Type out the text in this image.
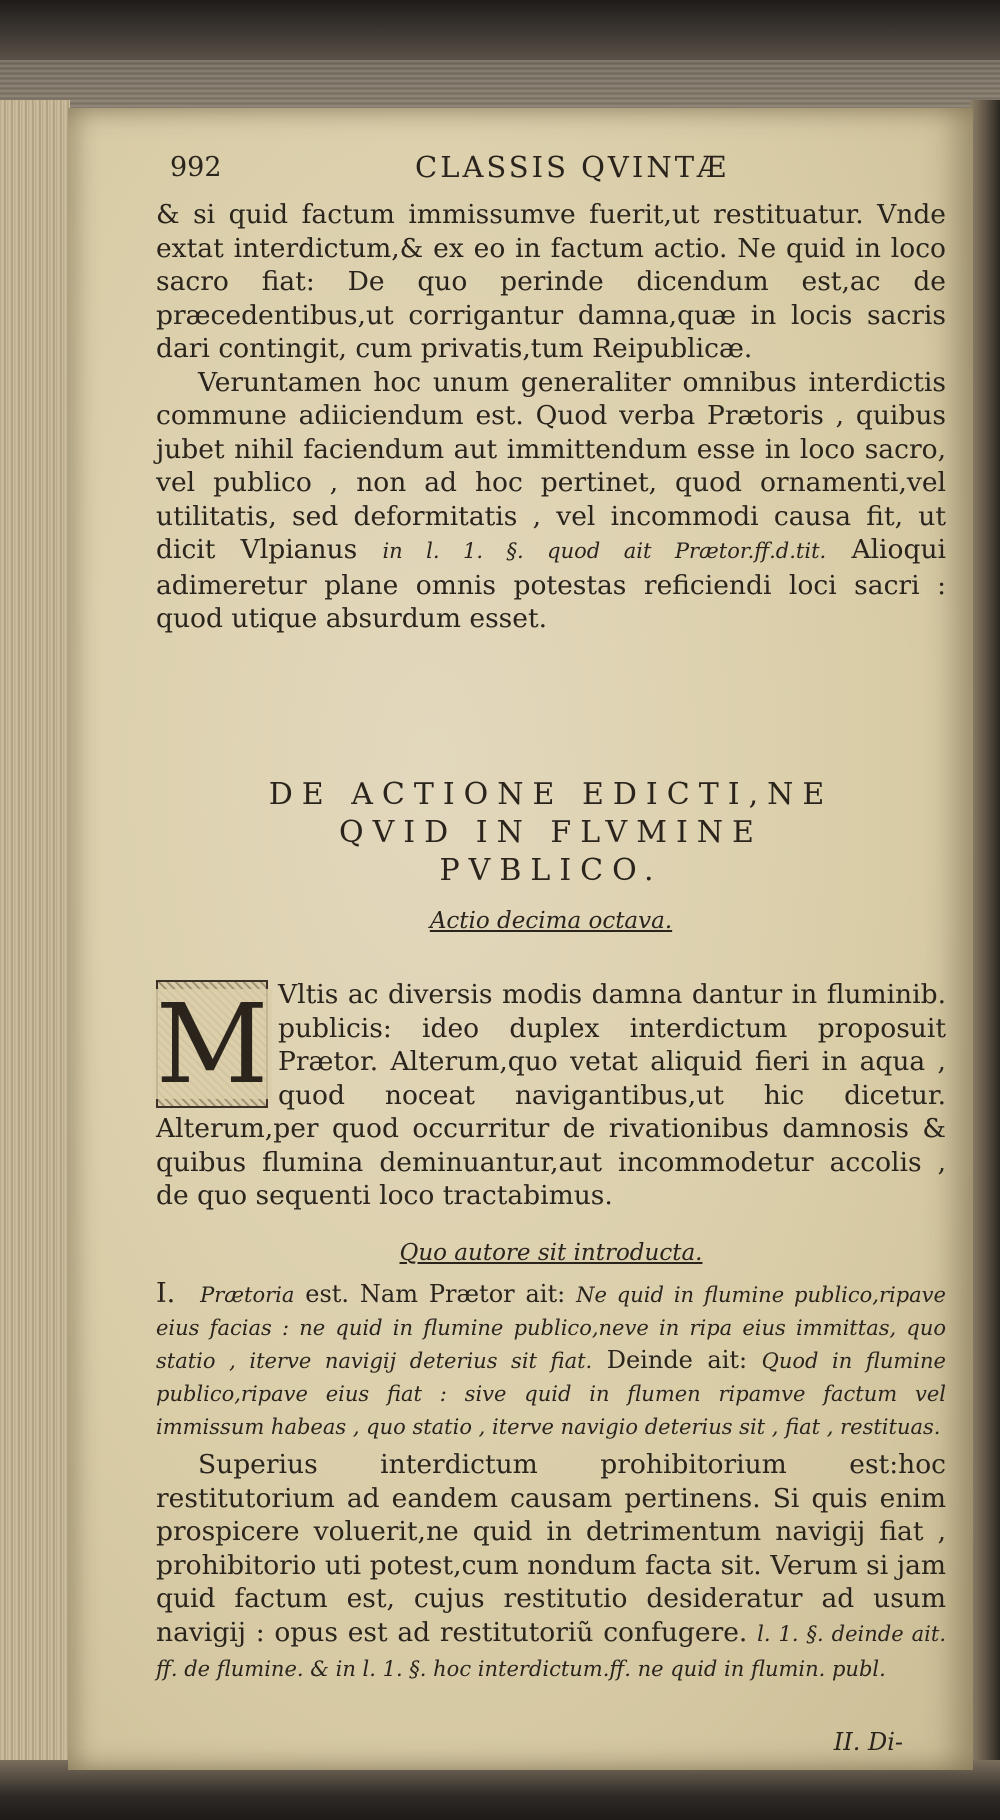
992	CLASSIS QVINTÆ

& si quid factum immissumve fuerit,ut restituatur. Vnde extat interdictum,& ex eo in factum actio. Ne quid in loco sacro fiat: De quo perinde dicendum est,ac de præcedentibus,ut corrigantur damna,quæ in locis sacris dari contingit, cum privatis,tum Reipublicæ.

Veruntamen hoc unum generaliter omnibus interdictis commune adiiciendum est. Quod verba Prætoris , quibus jubet nihil faciendum aut immittendum esse in loco sacro, vel publico , non ad hoc pertinet, quod ornamenti,vel utilitatis, sed deformitatis , vel incommodi causa fit, ut dicit Vlpianus in l. 1. §. quod ait Prætor.ff.d.tit. Alioqui adimeretur plane omnis potestas reficiendi loci sacri : quod utique absurdum esset.

DE ACTIONE EDICTI,NE
QVID IN FLVMINE
PVBLICO.
Actio decima octava.
M Vltis ac diversis modis damna dantur in fluminib. publicis: ideo duplex interdictum proposuit Prætor. Alterum,quo vetat aliquid fieri in aqua , quod noceat navigantibus,ut hic dicetur. Alterum,per quod occurritur de rivationibus damnosis & quibus flumina deminuantur,aut incommodetur accolis , de quo sequenti loco tractabimus.

Quo autore sit introducta.

I. Prætoria est. Nam Prætor ait: Ne quid in flumine publico,ripave eius facias : ne quid in flumine publico,neve in ripa eius immittas, quo statio , iterve navigij deterius sit fiat. Deinde ait: Quod in flumine publico,ripave eius fiat : sive quid in flumen ripamve factum vel immissum habeas , quo statio , iterve navigio deterius sit , fiat , restituas.

Superius interdictum prohibitorium est:hoc restitutorium ad eandem causam pertinens. Si quis enim prospicere voluerit,ne quid in detrimentum navigij fiat , prohibitorio uti potest,cum nondum facta sit. Verum si jam quid factum est, cujus restitutio desideratur ad usum navigij : opus est ad restitutoriũ confugere. l. 1. §. deinde ait. ff. de flumine. & in l. 1. §. hoc interdictum.ff. ne quid in flumin. publ.

II. Di-
